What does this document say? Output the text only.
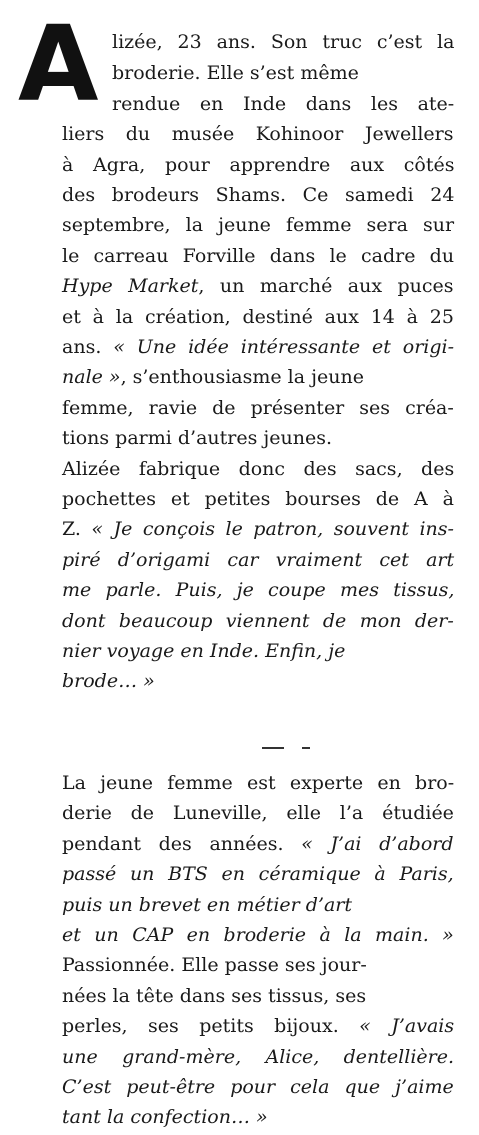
A lizée, 23 ans. Son truc c’est la
broderie. Elle s’est même
rendue en Inde dans les ate-
liers du musée Kohinoor Jewellers
à Agra, pour apprendre aux côtés
des brodeurs Shams. Ce samedi 24
septembre, la jeune femme sera sur
le carreau Forville dans le cadre du
Hype Market, un marché aux puces
et à la création, destiné aux 14 à 25
ans. « Une idée intéressante et origi-
nale », s’enthousiasme la jeune
femme, ravie de présenter ses créa-
tions parmi d’autres jeunes.
Alizée fabrique donc des sacs, des
pochettes et petites bourses de A à
Z. « Je conçois le patron, souvent ins-
piré d’origami car vraiment cet art
me parle. Puis, je coupe mes tissus,
dont beaucoup viennent de mon der-
nier voyage en Inde. Enfin, je
brode… »
La jeune femme est experte en bro-
derie de Luneville, elle l’a étudiée
pendant des années. « J’ai d’abord
passé un BTS en céramique à Paris,
puis un brevet en métier d’art
et un CAP en broderie à la main. »
Passionnée. Elle passe ses jour-
nées la tête dans ses tissus, ses
perles, ses petits bijoux. « J’avais
une grand-mère, Alice, dentellière.
C’est peut-être pour cela que j’aime
tant la confection… »
